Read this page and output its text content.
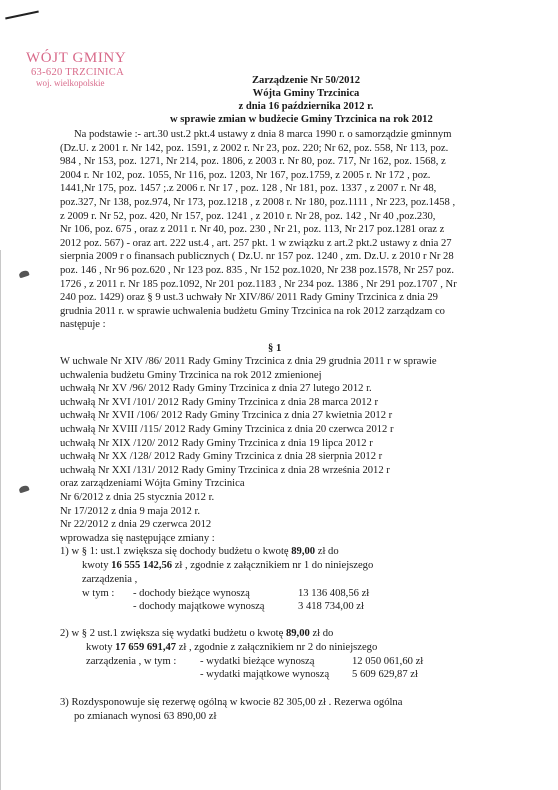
WÓJT GMINY
63-620 TRZCINICA
woj. wielkopolskie	Zarządzenie Nr 50/2012
Wójta Gminy Trzcinica
z dnia 16 października 2012 r.
w sprawie zmian w budżecie Gminy Trzcinica na rok 2012
Na podstawie :- art.30 ust.2 pkt.4 ustawy z dnia 8 marca 1990 r. o samorządzie gminnym
(Dz.U. z 2001 r. Nr 142, poz. 1591, z 2002 r. Nr 23, poz. 220; Nr 62, poz. 558, Nr 113, poz.
984 , Nr 153, poz. 1271, Nr 214, poz. 1806, z 2003 r. Nr 80, poz. 717, Nr 162, poz. 1568, z
2004 r. Nr 102, poz. 1055, Nr 116, poz. 1203, Nr 167, poz.1759, z 2005 r. Nr 172 , poz.
1441,Nr 175, poz. 1457 ;.z 2006 r. Nr 17 , poz. 128 , Nr 181, poz. 1337 , z 2007 r. Nr 48,
poz.327, Nr 138, poz.974, Nr 173, poz.1218 , z 2008 r. Nr 180, poz.1111 , Nr 223, poz.1458 ,
z 2009 r. Nr 52, poz. 420, Nr 157, poz. 1241 , z 2010 r. Nr 28, poz. 142 , Nr 40 ,poz.230,
Nr 106, poz. 675 , oraz z 2011 r. Nr 40, poz. 230 , Nr 21, poz. 113, Nr 217 poz.1281 oraz z
2012 poz. 567) - oraz art. 222 ust.4 , art. 257 pkt. 1 w związku z art.2 pkt.2 ustawy z dnia 27
sierpnia 2009 r o finansach publicznych ( Dz.U. nr 157 poz. 1240 , zm. Dz.U. z 2010 r Nr 28
poz. 146 , Nr 96 poz.620 , Nr 123 poz. 835 , Nr 152 poz.1020, Nr 238 poz.1578, Nr 257 poz.
1726 , z 2011 r. Nr 185 poz.1092, Nr 201 poz.1183 , Nr 234 poz. 1386 , Nr 291 poz.1707 , Nr
240 poz. 1429) oraz § 9 ust.3 uchwały Nr XIV/86/ 2011 Rady Gminy Trzcinica z dnia 29
grudnia 2011 r. w sprawie uchwalenia budżetu Gminy Trzcinica na rok 2012 zarządzam co
następuje :
§ 1
W uchwale Nr XIV /86/ 2011 Rady Gminy Trzcinica z dnia 29 grudnia 2011 r w sprawie
uchwalenia budżetu Gminy Trzcinica na rok 2012 zmienionej
uchwałą Nr XV /96/ 2012 Rady Gminy Trzcinica z dnia 27 lutego 2012 r.
uchwałą Nr XVI /101/ 2012 Rady Gminy Trzcinica z dnia 28 marca 2012 r
uchwałą Nr XVII /106/ 2012 Rady Gminy Trzcinica z dnia 27 kwietnia 2012 r
uchwałą Nr XVIII /115/ 2012 Rady Gminy Trzcinica z dnia 20 czerwca 2012 r
uchwałą Nr XIX /120/ 2012 Rady Gminy Trzcinica z dnia 19 lipca 2012 r
uchwałą Nr XX /128/ 2012 Rady Gminy Trzcinica z dnia 28 sierpnia 2012 r
uchwałą Nr XXI /131/ 2012 Rady Gminy Trzcinica z dnia 28 września 2012 r
oraz zarządzeniami Wójta Gminy Trzcinica
Nr 6/2012 z dnia 25 stycznia 2012 r.
Nr 17/2012 z dnia 9 maja 2012 r.
Nr 22/2012 z dnia 29 czerwca 2012
wprowadza się następujące zmiany :
1) w § 1: ust.1 zwiększa się dochody budżetu o kwotę 89,00 zł do
kwoty 16 555 142,56 zł , zgodnie z załącznikiem nr 1 do niniejszego
zarządzenia ,
w tym : - dochody bieżące wynoszą	13 136 408,56 zł
- dochody majątkowe wynoszą	3 418 734,00 zł
2) w § 2 ust.1 zwiększa się wydatki budżetu o kwotę 89,00 zł do
kwoty 17 659 691,47 zł , zgodnie z załącznikiem nr 2 do niniejszego
zarządzenia , w tym : - wydatki bieżące wynoszą	12 050 061,60 zł
- wydatki majątkowe wynoszą 5 609 629,87 zł
3) Rozdysponowuje się rezerwę ogólną w kwocie 82 305,00 zł . Rezerwa ogólna
po zmianach wynosi 63 890,00 zł
